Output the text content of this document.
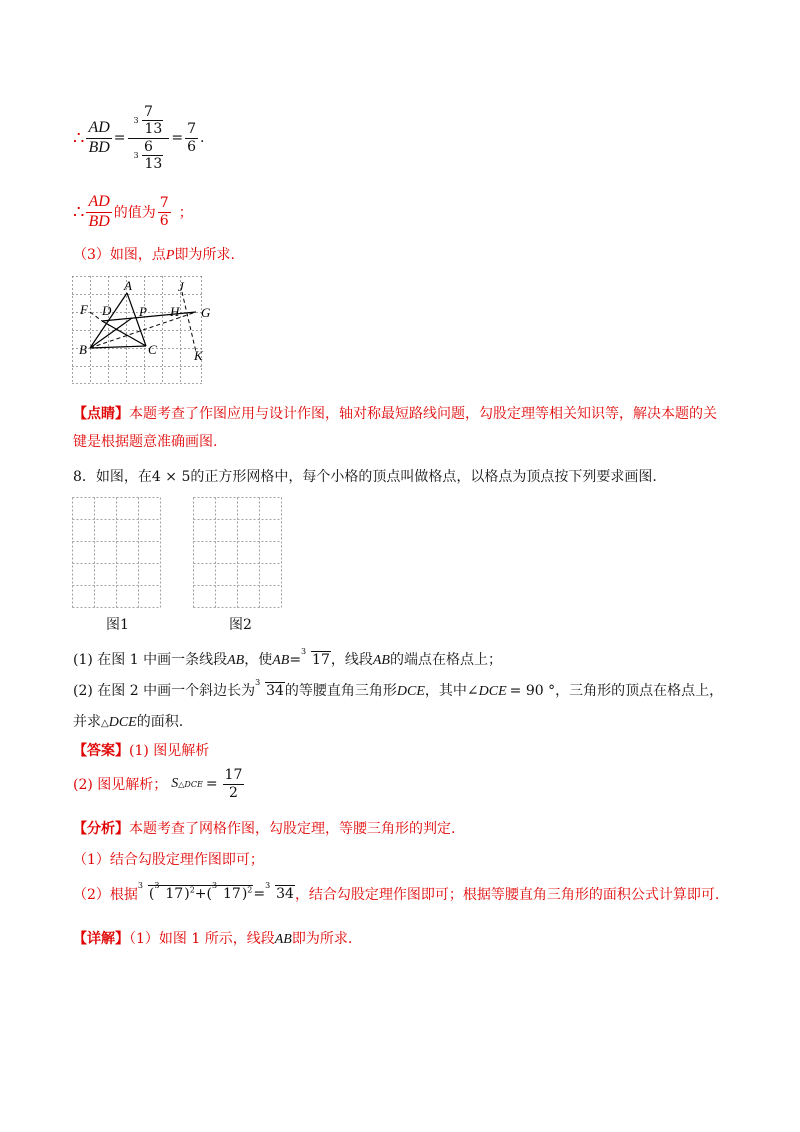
∴ $\frac{AD}{BD} = 7$
3
13
6
3
$13 = \frac{7}{6}$ .
∴ $\frac{AD}{BD}$ 的值为 $\frac{7}{6}$ ；
（3）如图，点P即为所求.
A	J
F D P H G
B	C	K
【点睛】本题考查了作图应用与设计作图，轴对称最短路线问题，勾股定理等相关知识等，解决本题的关
键是根据题意准确画图.
8．如图，在4 × 5的正方形网格中，每个小格的顶点叫做格点，以格点为顶点按下列要求画图.
图1	图2
(1) 在图 1 中画一条线段AB，使AB=
3
17，线段AB的端点在格点上；
(2) 在图 2 中画一个斜边长为
3
34的等腰直角三角形DCE，其中∠DCE = 90 °，三角形的顶点在格点上，
并求△DCE的面积.
【答案】(1) 图见解析
(2) 图见解析； S △DCE = $\frac{17}{2}$
【分析】本题考查了网格作图，勾股定理，等腰三角形的判定.
（1）结合勾股定理作图即可；
（2）根据
3
(
3
17)$^2$+(
3
17)$^2$ =
3
34 ，结合勾股定理作图即可；根据等腰直角三角形的面积公式计算即可.
【详解】（1）如图 1 所示，线段AB即为所求.
